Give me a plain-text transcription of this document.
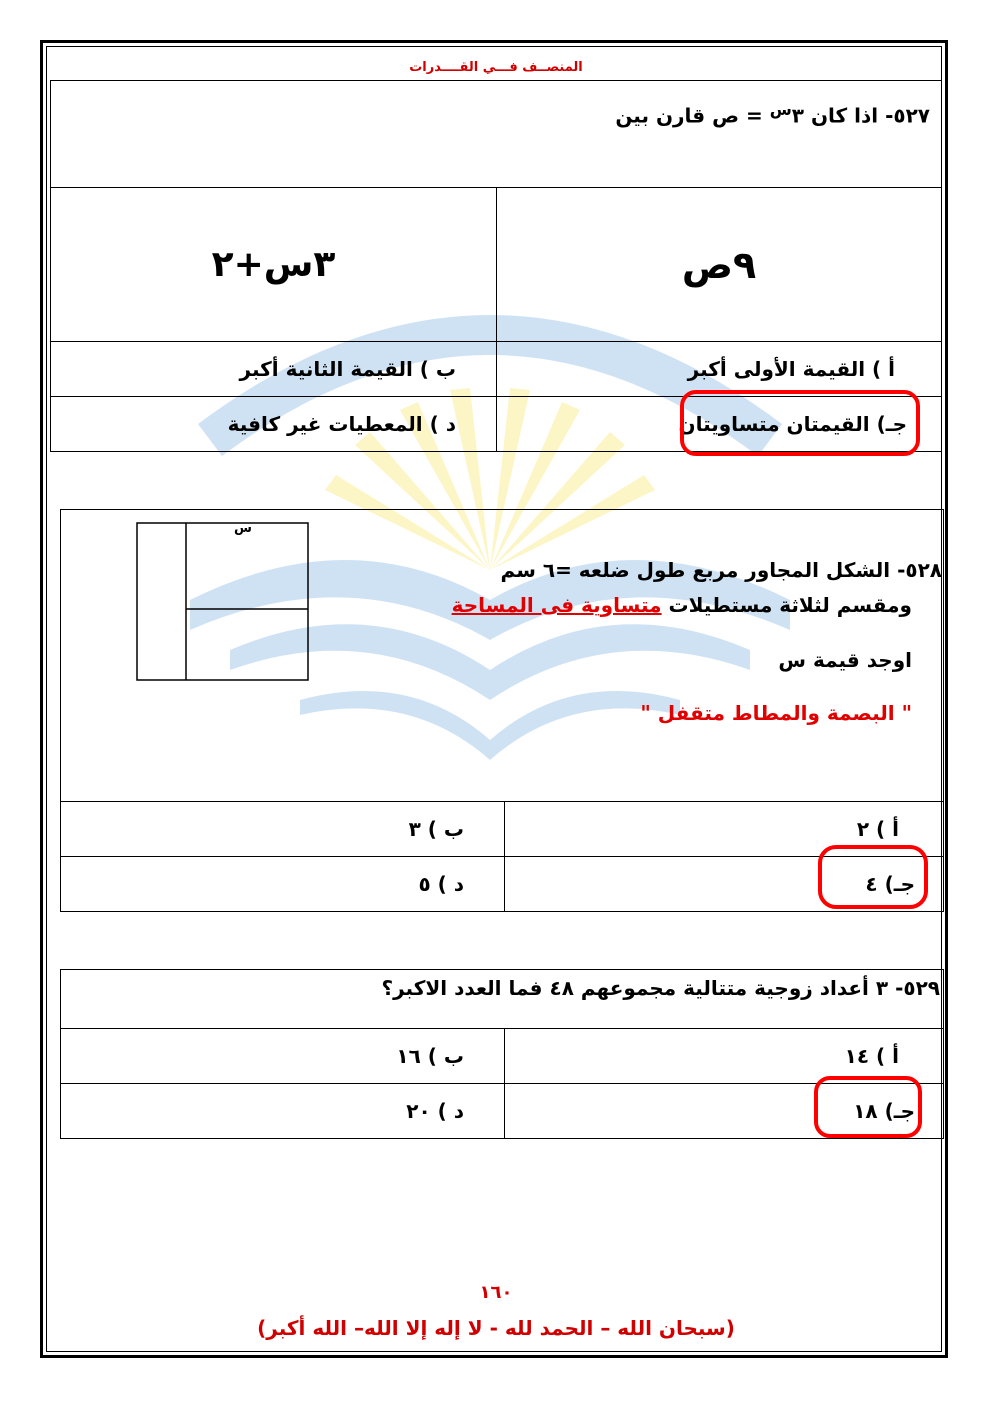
المنصــف فـــي القــــدرات
٥٢٧- اذا كان $٣^س$ = ص قارن بين
٩ص
٣س+٢
أ ) القيمة الأولى أكبر
ب ) القيمة الثانية أكبر
جـ) القيمتان متساويتان
د ) المعطيات غير كافية
س
٥٢٨- الشكل المجاور مربع طول ضلعه =٦ سم
ومقسم لثلاثة مستطيلات متساوية فى المساحة
اوجد قيمة س
" البصمة والمطاط متقفل "
أ ) ٢
ب ) ٣
جـ) ٤
د ) ٥
٥٢٩- ٣ أعداد زوجية متتالية مجموعهم ٤٨ فما العدد الاكبر؟
أ ) ١٤
ب ) ١٦
جـ) ١٨
د ) ٢٠
١٦٠
(سبحان الله – الحمد لله - لا إله إلا الله– الله أكبر)
